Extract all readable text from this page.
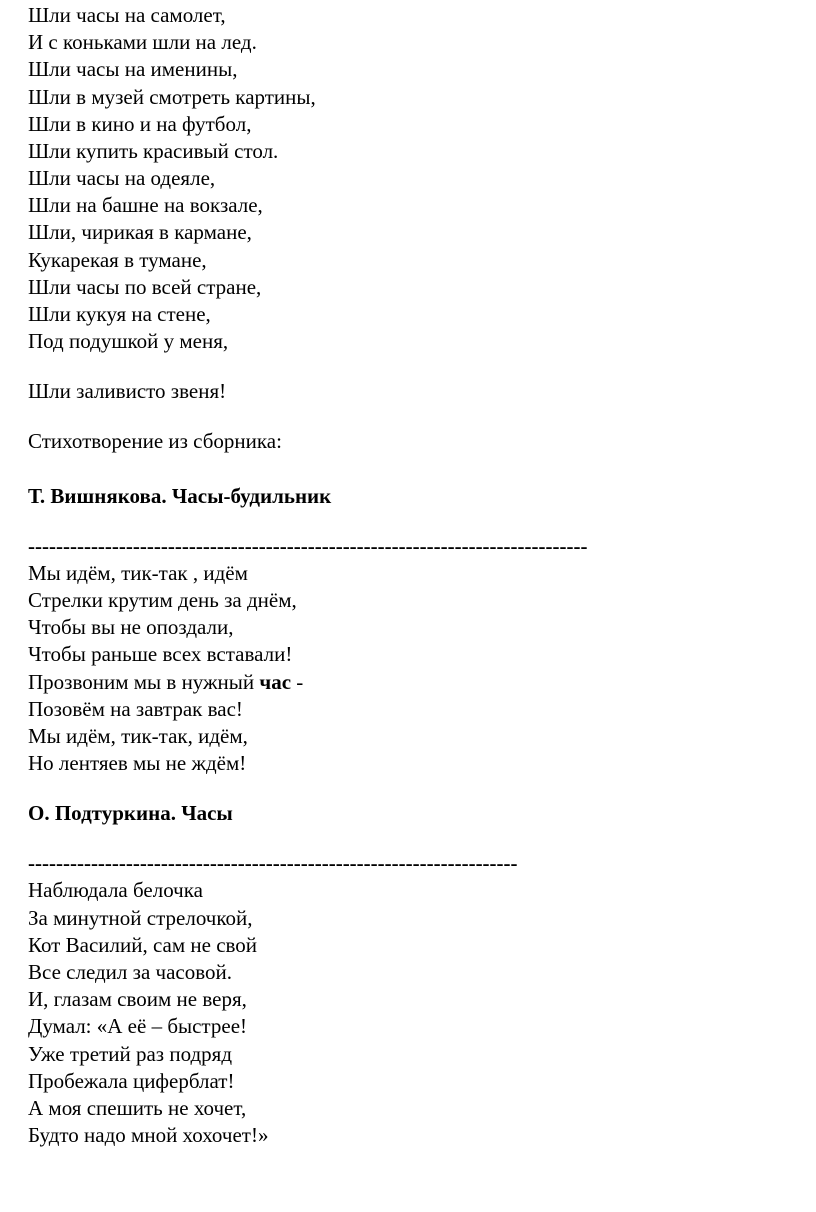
Шли часы на самолет,
И с коньками шли на лед.
Шли часы на именины,
Шли в музей смотреть картины,
Шли в кино и на футбол,
Шли купить красивый стол.
Шли часы на одеяле,
Шли на башне на вокзале,
Шли, чирикая в кармане,
Кукарекая в тумане,
Шли часы по всей стране,
Шли кукуя на стене,
Под подушкой у меня,
Шли заливисто звеня!
Стихотворение из сборника:
Т. Вишнякова. Часы-будильник
--------------------------------------------------------------------------------
Мы идём, тик-так , идём
Стрелки крутим день за днём,
Чтобы вы не опоздали,
Чтобы раньше всех вставали!
Прозвоним мы в нужный час -
Позовём на завтрак вас!
Мы идём, тик-так, идём,
Но лентяев мы не ждём!
О. Подтуркина. Часы
----------------------------------------------------------------------
Наблюдала белочка
За минутной стрелочкой,
Кот Василий, сам не свой
Все следил за часовой.
И, глазам своим не веря,
Думал: «А её – быстрее!
Уже третий раз подряд
Пробежала циферблат!
А моя спешить не хочет,
Будто надо мной хохочет!»
